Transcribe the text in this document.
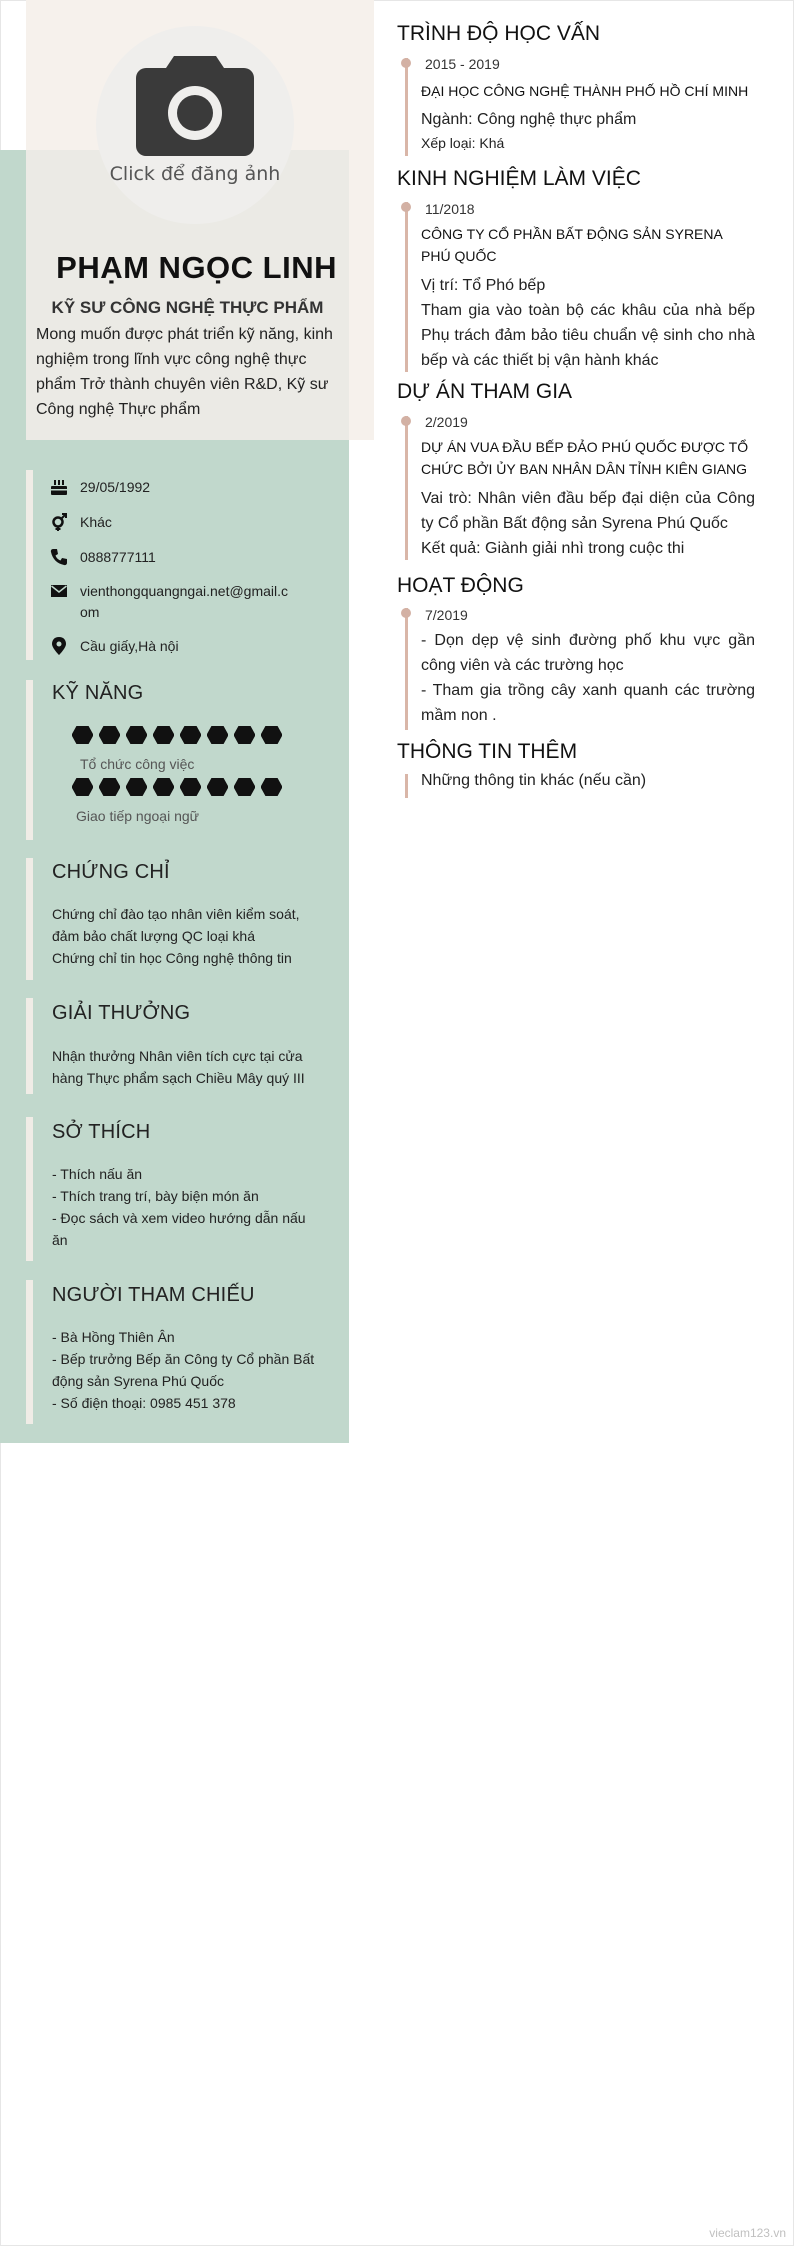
Click để đăng ảnh
PHẠM NGỌC LINH
KỸ SƯ CÔNG NGHỆ THỰC PHẨM
Mong muốn được phát triển kỹ năng, kinh nghiệm trong lĩnh vực công nghệ thực phẩm Trở thành chuyên viên R&D, Kỹ sư Công nghệ Thực phẩm
29/05/1992
Khác
0888777111
vienthongquangngai.net@gmail.com
Cầu giấy,Hà nội
KỸ NĂNG
Tổ chức công việc
Giao tiếp ngoại ngữ
CHỨNG CHỈ
Chứng chỉ đào tạo nhân viên kiểm soát,
đảm bảo chất lượng QC loại khá
Chứng chỉ tin học Công nghệ thông tin
GIẢI THƯỞNG
Nhận thưởng Nhân viên tích cực tại cửa
hàng Thực phẩm sạch Chiều Mây quý III
SỞ THÍCH
- Thích nấu ăn
- Thích trang trí, bày biện món ăn
- Đọc sách và xem video hướng dẫn nấu
ăn
NGƯỜI THAM CHIẾU
- Bà Hồng Thiên Ân
- Bếp trưởng Bếp ăn Công ty Cổ phần Bất
động sản Syrena Phú Quốc
- Số điện thoại: 0985 451 378
TRÌNH ĐỘ HỌC VẤN
2015 - 2019
ĐẠI HỌC CÔNG NGHỆ THÀNH PHỐ HỒ CHÍ MINH
Ngành: Công nghệ thực phẩm
Xếp loại: Khá
KINH NGHIỆM LÀM VIỆC
11/2018
CÔNG TY CỔ PHẦN BẤT ĐỘNG SẢN SYRENA PHÚ QUỐC
Vị trí: Tổ Phó bếp
Tham gia vào toàn bộ các khâu của nhà bếp Phụ trách đảm bảo tiêu chuẩn vệ sinh cho nhà bếp và các thiết bị vận hành khác
DỰ ÁN THAM GIA
2/2019
DỰ ÁN VUA ĐẦU BẾP ĐẢO PHÚ QUỐC ĐƯỢC TỔ CHỨC BỞI ỦY BAN NHÂN DÂN TỈNH KIÊN GIANG
Vai trò: Nhân viên đầu bếp đại diện của Công ty Cổ phần Bất động sản Syrena Phú Quốc
Kết quả: Giành giải nhì trong cuộc thi
HOẠT ĐỘNG
7/2019
- Dọn dẹp vệ sinh đường phố khu vực gần công viên và các trường học
- Tham gia trồng cây xanh quanh các trường mầm non .
THÔNG TIN THÊM
Những thông tin khác (nếu cần)
vieclam123.vn
